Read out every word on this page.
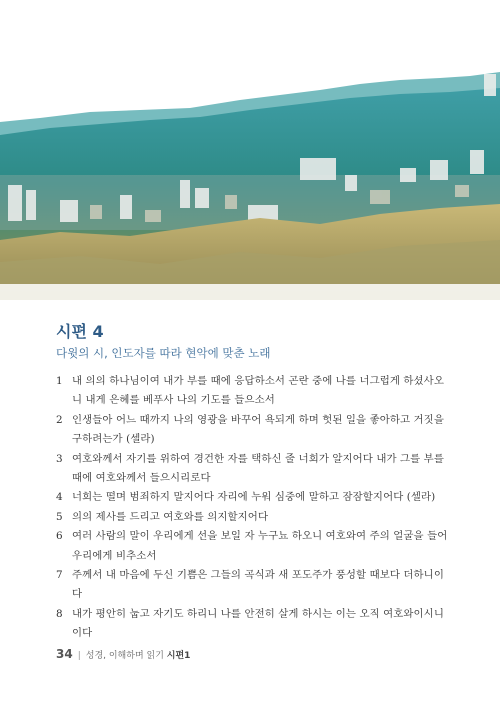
시편 4

다윗의 시, 인도자를 따라 현악에 맞춘 노래

1 내 의의 하나님이여 내가 부를 때에 응답하소서 곤란 중에 나를 너그럽게 하셨사오니 내게 은혜를 베푸사 나의 기도를 들으소서
2 인생들아 어느 때까지 나의 영광을 바꾸어 욕되게 하며 헛된 일을 좋아하고 거짓을 구하려는가 (셀라)
3 여호와께서 자기를 위하여 경건한 자를 택하신 줄 너희가 알지어다 내가 그를 부를 때에 여호와께서 들으시리로다
4 너희는 떨며 범죄하지 말지어다 자리에 누워 심중에 말하고 잠잠할지어다 (셀라)
5 의의 제사를 드리고 여호와를 의지할지어다
6 여러 사람의 말이 우리에게 선을 보일 자 누구뇨 하오니 여호와여 주의 얼굴을 들어 우리에게 비추소서
7 주께서 내 마음에 두신 기쁨은 그들의 곡식과 새 포도주가 풍성할 때보다 더하니이다
8 내가 평안히 눕고 자기도 하리니 나를 안전히 살게 하시는 이는 오직 여호와이시니이다
34 | 성경, 이해하며 읽기 시편1
